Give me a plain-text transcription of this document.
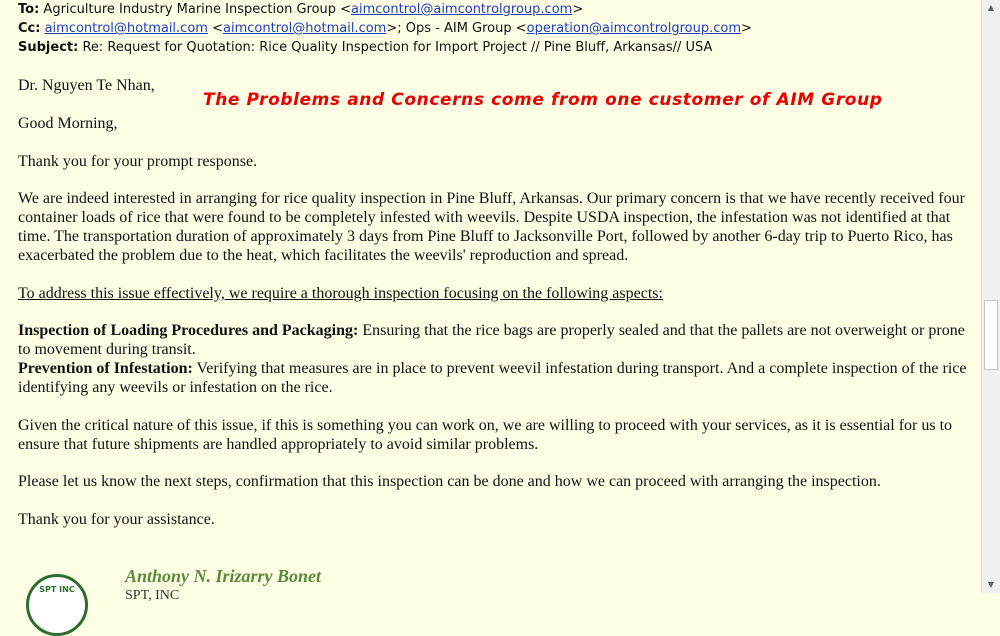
To: Agriculture Industry Marine Inspection Group <aimcontrol@aimcontrolgroup.com>
Cc: aimcontrol@hotmail.com <aimcontrol@hotmail.com>; Ops - AIM Group <operation@aimcontrolgroup.com>
Subject: Re: Request for Quotation: Rice Quality Inspection for Import Project // Pine Bluff, Arkansas// USA
Dr. Nguyen Te Nhan,
The Problems and Concerns come from one customer of AIM Group
Good Morning,
Thank you for your prompt response.
We are indeed interested in arranging for rice quality inspection in Pine Bluff, Arkansas. Our primary concern is that we have recently received four container loads of rice that were found to be completely infested with weevils. Despite USDA inspection, the infestation was not identified at that time. The transportation duration of approximately 3 days from Pine Bluff to Jacksonville Port, followed by another 6-day trip to Puerto Rico, has exacerbated the problem due to the heat, which facilitates the weevils' reproduction and spread.
To address this issue effectively, we require a thorough inspection focusing on the following aspects:
Inspection of Loading Procedures and Packaging: Ensuring that the rice bags are properly sealed and that the pallets are not overweight or prone to movement during transit.
Prevention of Infestation: Verifying that measures are in place to prevent weevil infestation during transport. And a complete inspection of the rice identifying any weevils or infestation on the rice.
Given the critical nature of this issue, if this is something you can work on, we are willing to proceed with your services, as it is essential for us to ensure that future shipments are handled appropriately to avoid similar problems.
Please let us know the next steps, confirmation that this inspection can be done and how we can proceed with arranging the inspection.
Thank you for your assistance.
SPT INC
Anthony N. Irizarry Bonet
SPT, INC
▲
▼
